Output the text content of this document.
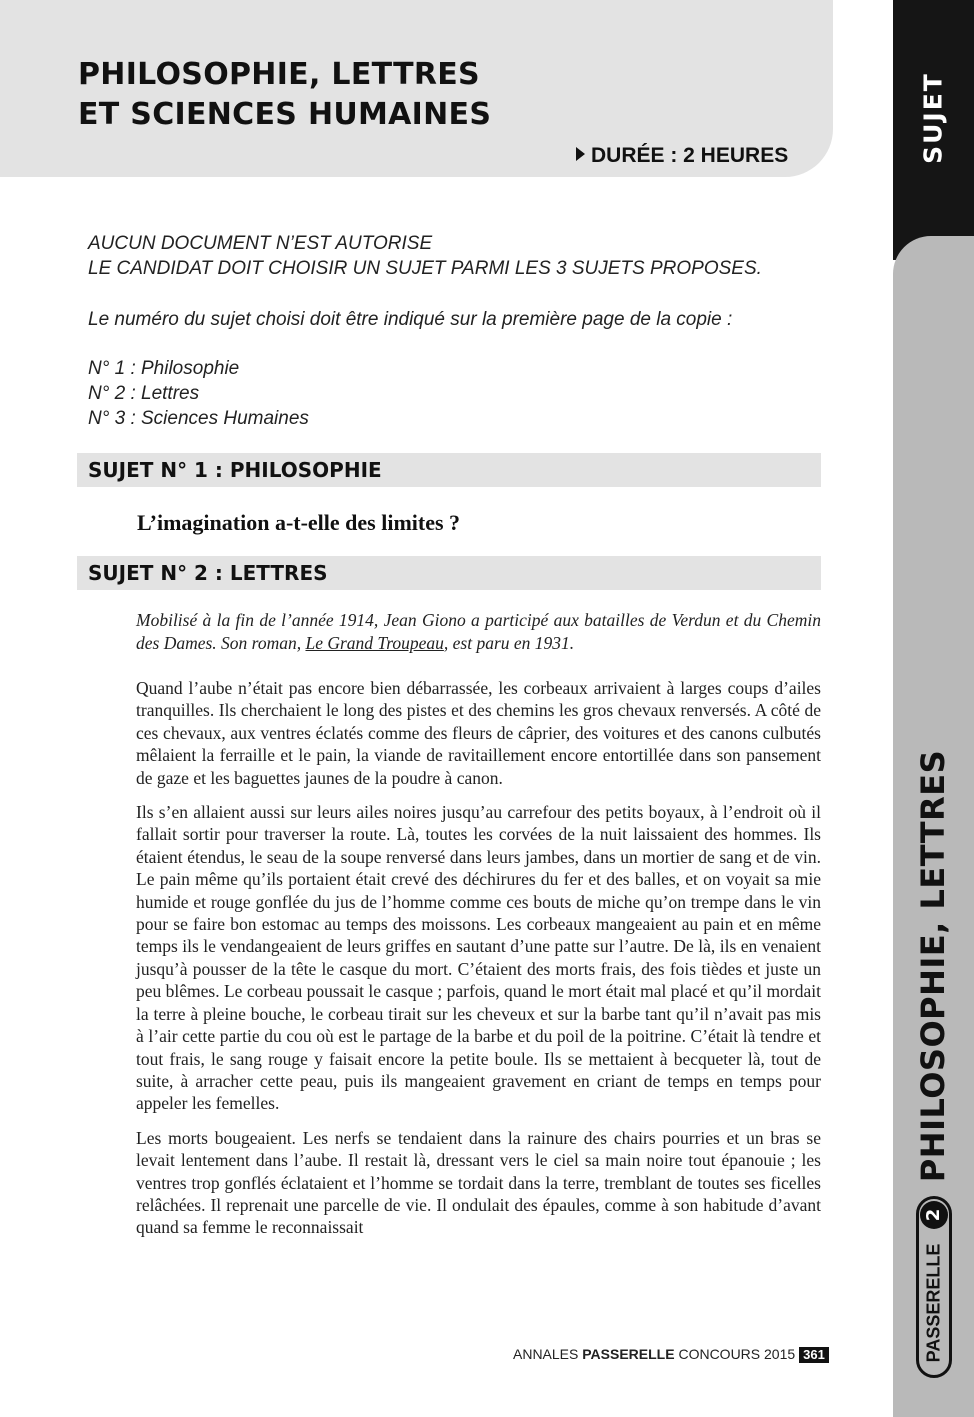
PHILOSOPHIE, LETTRES
ET SCIENCES HUMAINES
DURÉE : 2 HEURES	SUJET
PHILOSOPHIE, LETTRES
2
PASSERELLE
AUCUN DOCUMENT N’EST AUTORISE
LE CANDIDAT DOIT CHOISIR UN SUJET PARMI LES 3 SUJETS PROPOSES.
Le numéro du sujet choisi doit être indiqué sur la première page de la copie :
N° 1 : Philosophie
N° 2 : Lettres
N° 3 : Sciences Humaines
SUJET N° 1 : PHILOSOPHIE
L’imagination a-t-elle des limites ?
SUJET N° 2 : LETTRES
Mobilisé à la fin de l’année 1914, Jean Giono a participé aux batailles de Verdun et du Chemin des Dames. Son roman, Le Grand Troupeau, est paru en 1931.

Quand l’aube n’était pas encore bien débarrassée, les corbeaux arrivaient à larges coups d’ailes tranquilles. Ils cherchaient le long des pistes et des chemins les gros chevaux renversés. A côté de ces chevaux, aux ventres éclatés comme des fleurs de câprier, des voitures et des canons culbutés mêlaient la ferraille et le pain, la viande de ravitaillement encore entortillée dans son pansement de gaze et les baguettes jaunes de la poudre à canon.

Ils s’en allaient aussi sur leurs ailes noires jusqu’au carrefour des petits boyaux, à l’endroit où il fallait sortir pour traverser la route. Là, toutes les corvées de la nuit laissaient des hommes. Ils étaient étendus, le seau de la soupe renversé dans leurs jambes, dans un mortier de sang et de vin. Le pain même qu’ils portaient était crevé des déchirures du fer et des balles, et on voyait sa mie humide et rouge gonflée du jus de l’homme comme ces bouts de miche qu’on trempe dans le vin pour se faire bon estomac au temps des moissons. Les corbeaux mangeaient au pain et en même temps ils le vendangeaient de leurs griffes en sautant d’une patte sur l’autre. De là, ils en venaient jusqu’à pousser de la tête le casque du mort. C’étaient des morts frais, des fois tièdes et juste un peu blêmes. Le corbeau poussait le casque ; parfois, quand le mort était mal placé et qu’il mordait la terre à pleine bouche, le corbeau tirait sur les cheveux et sur la barbe tant qu’il n’avait pas mis à l’air cette partie du cou où est le partage de la barbe et du poil de la poitrine. C’était là tendre et tout frais, le sang rouge y faisait encore la petite boule. Ils se mettaient à becqueter là, tout de suite, à arracher cette peau, puis ils mangeaient gravement en criant de temps en temps pour appeler les femelles.

Les morts bougeaient. Les nerfs se tendaient dans la rainure des chairs pourries et un bras se levait lentement dans l’aube. Il restait là, dressant vers le ciel sa main noire tout épanouie ; les ventres trop gonflés éclataient et l’homme se tordait dans la terre, tremblant de toutes ses ficelles relâchées. Il reprenait une parcelle de vie. Il ondulait des épaules, comme à son habitude d’avant quand sa femme le reconnaissait

ANNALES PASSERELLE CONCOURS 2015 361
